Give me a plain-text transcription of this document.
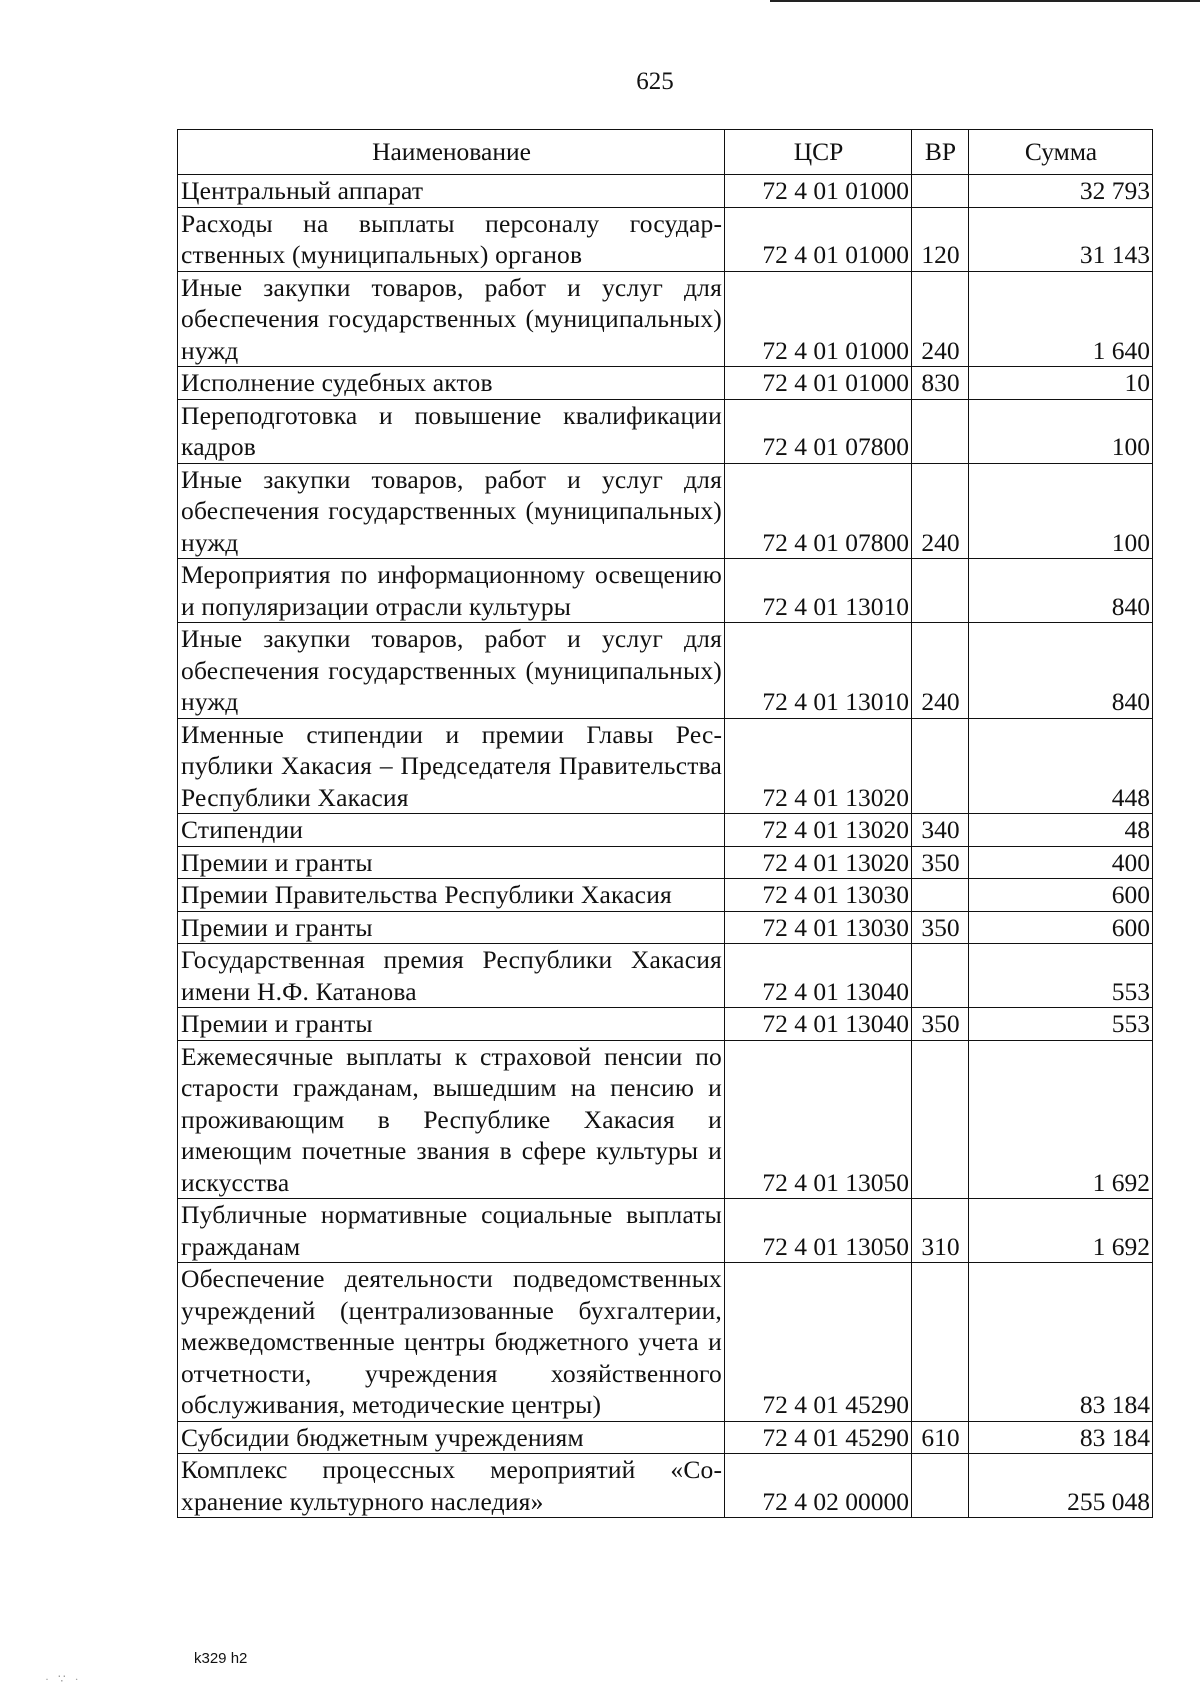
625
Наименование	ЦСР	ВР	Сумма
Центральный аппарат	72 4 01 01000		32 793
Расходы на выплаты персоналу государственных (муниципальных) органов	72 4 01 01000	120	31 143
Иные закупки товаров, работ и услуг для обеспечения государственных (муниципальных) нужд	72 4 01 01000	240	1 640
Исполнение судебных актов	72 4 01 01000	830	10
Переподготовка и повышение квалификации кадров	72 4 01 07800		100
Иные закупки товаров, работ и услуг для обеспечения государственных (муниципальных) нужд	72 4 01 07800	240	100
Мероприятия по информационному освещению и популяризации отрасли культуры	72 4 01 13010		840
Иные закупки товаров, работ и услуг для обеспечения государственных (муниципальных) нужд	72 4 01 13010	240	840
Именные стипендии и премии Главы Республики Хакасия – Председателя Правительства Республики Хакасия	72 4 01 13020		448
Стипендии	72 4 01 13020	340	48
Премии и гранты	72 4 01 13020	350	400
Премии Правительства Республики Хакасия	72 4 01 13030		600
Премии и гранты	72 4 01 13030	350	600
Государственная премия Республики Хакасия имени Н.Ф. Катанова	72 4 01 13040		553
Премии и гранты	72 4 01 13040	350	553
Ежемесячные выплаты к страховой пенсии по старости гражданам, вышедшим на пенсию и проживающим в Республике Хакасия и имеющим почетные звания в сфере культуры и искусства	72 4 01 13050		1 692
Публичные нормативные социальные выплаты гражданам	72 4 01 13050	310	1 692
Обеспечение деятельности подведомственных учреждений (централизованные бухгалтерии, межведомственные центры бюджетного учета и отчетности, учреждения хозяйственного обслуживания, методические центры)	72 4 01 45290		83 184
Субсидии бюджетным учреждениям	72 4 01 45290	610	83 184
Комплекс процессных мероприятий «Сохранение культурного наследия»	72 4 02 00000		255 048
k329 h2
· ∵ ·
